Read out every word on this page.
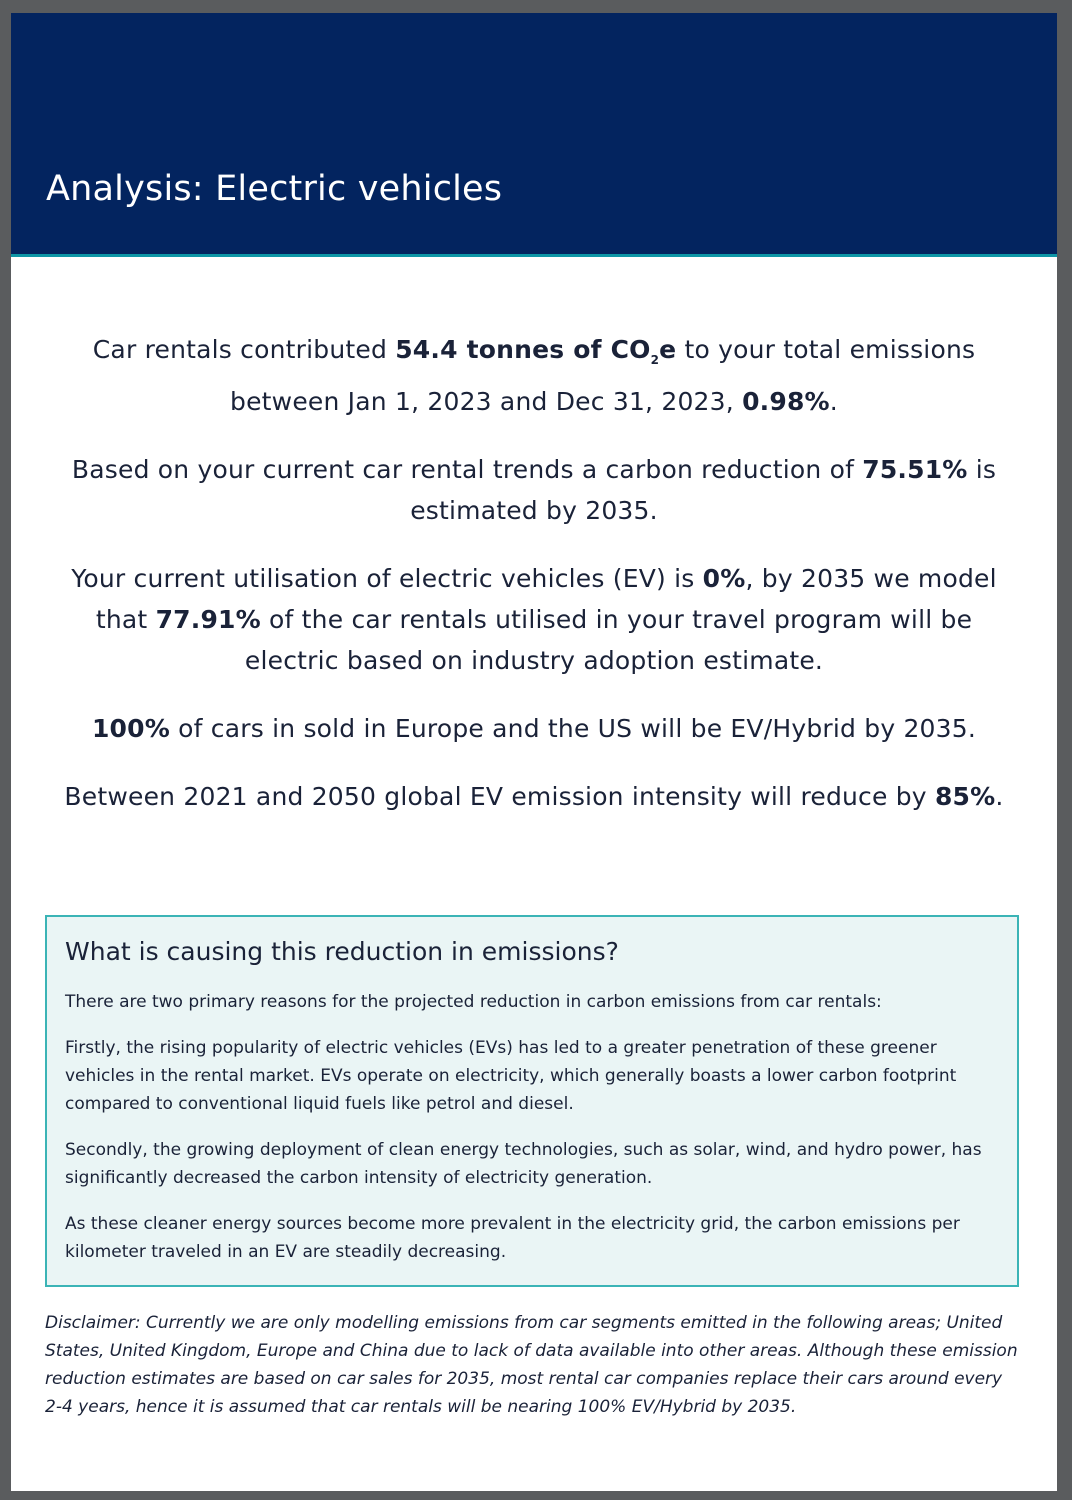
Analysis: Electric vehicles

Car rentals contributed 54.4 tonnes of $CO_2e$ to your total emissions between Jan 1, 2023 and Dec 31, 2023, 0.98%.

Based on your current car rental trends a carbon reduction of 75.51% is estimated by 2035.

Your current utilisation of electric vehicles (EV) is 0%, by 2035 we model that 77.91% of the car rentals utilised in your travel program will be electric based on industry adoption estimate.

100% of cars in sold in Europe and the US will be EV/Hybrid by 2035.

Between 2021 and 2050 global EV emission intensity will reduce by 85%.

What is causing this reduction in emissions?

There are two primary reasons for the projected reduction in carbon emissions from car rentals:

Firstly, the rising popularity of electric vehicles (EVs) has led to a greater penetration of these greener vehicles in the rental market. EVs operate on electricity, which generally boasts a lower carbon footprint compared to conventional liquid fuels like petrol and diesel.

Secondly, the growing deployment of clean energy technologies, such as solar, wind, and hydro power, has significantly decreased the carbon intensity of electricity generation.

As these cleaner energy sources become more prevalent in the electricity grid, the carbon emissions per kilometer traveled in an EV are steadily decreasing.

Disclaimer: Currently we are only modelling emissions from car segments emitted in the following areas; United States, United Kingdom, Europe and China due to lack of data available into other areas. Although these emission reduction estimates are based on car sales for 2035, most rental car companies replace their cars around every 2-4 years, hence it is assumed that car rentals will be nearing 100% EV/Hybrid by 2035.
